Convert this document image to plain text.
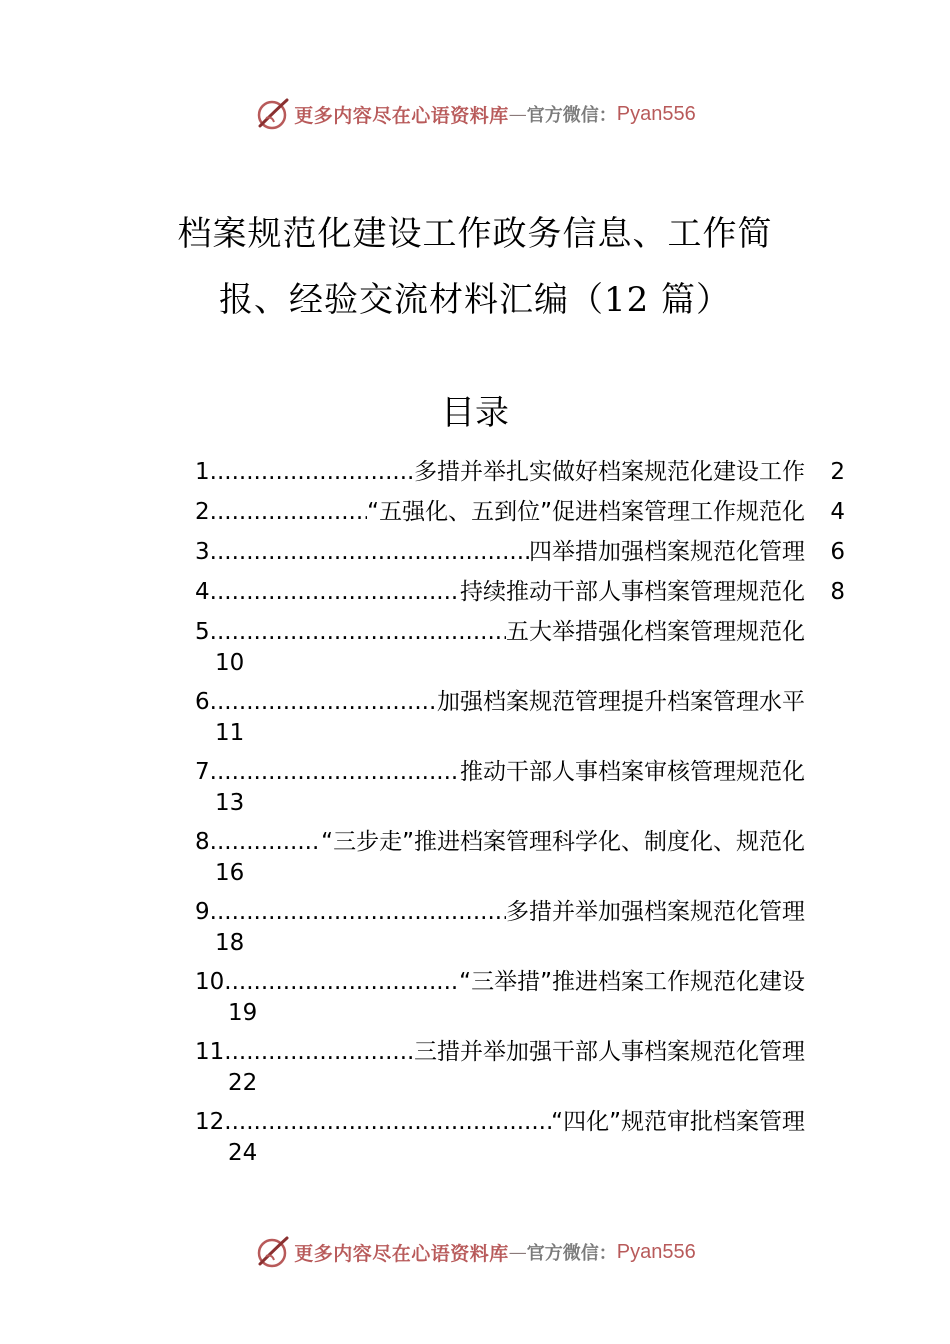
更多内容尽在心语资料库 — 官方微信： Pyan556
档案规范化建设工作政务信息、工作简
报、经验交流材料汇编（12 篇）
目录
1 .....	多措并举扎实做好档案规范化建设工作	2
2 .....	“五强化、五到位”促进档案管理工作规范化	4
3 .....	四举措加强档案规范化管理	6
4 .....	持续推动干部人事档案管理规范化	8
5 .....	五大举措强化档案管理规范化
10
6 .....	加强档案规范管理提升档案管理水平
11
7 .....	推动干部人事档案审核管理规范化
13
8 .....	“三步走”推进档案管理科学化、制度化、规范化
16
9 .....	多措并举加强档案规范化管理
18
10 .....	“三举措”推进档案工作规范化建设
19
11 .....	三措并举加强干部人事档案规范化管理
22
12 .....	“四化”规范审批档案管理
24
更多内容尽在心语资料库 — 官方微信： Pyan556
